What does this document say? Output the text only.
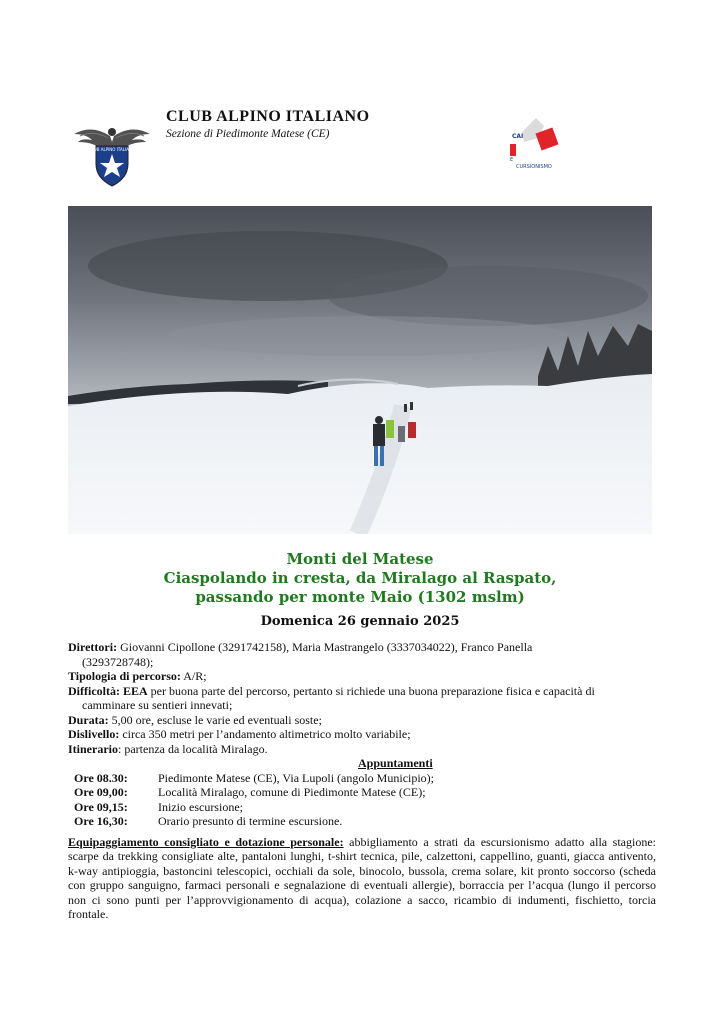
CLUB ALPINO ITALIANO
CLUB ALPINO ITALIANO
Sezione di Piedimonte Matese (CE)	CAI
E
CURSIONISMO
Monti del Matese
Ciaspolando in cresta, da Miralago al Raspato,
passando per monte Maio (1302 mslm)
Domenica 26 gennaio 2025

Direttori: Giovanni Cipollone (3291742158), Maria Mastrangelo (3337034022), Franco Panella

(3293728748);

Tipologia di percorso: A/R;

Difficoltà: EEA per buona parte del percorso, pertanto si richiede una buona preparazione fisica e capacità di

camminare su sentieri innevati;

Durata: 5,00 ore, escluse le varie ed eventuali soste;

Dislivello: circa 350 metri per l’andamento altimetrico molto variabile;

Itinerario: partenza da località Miralago.

Appuntamenti

Ore 08.30:	Piedimonte Matese (CE), Via Lupoli (angolo Municipio);
Ore 09,00:	Località Miralago, comune di Piedimonte Matese (CE);
Ore 09,15:	Inizio escursione;
Ore 16,30:	Orario presunto di termine escursione.

Equipaggiamento consigliato e dotazione personale: abbigliamento a strati da escursionismo adatto alla stagione: scarpe da trekking consigliate alte, pantaloni lunghi, t-shirt tecnica, pile, calzettoni, cappellino, guanti, giacca antivento, k-way antipioggia, bastoncini telescopici, occhiali da sole, binocolo, bussola, crema solare, kit pronto soccorso (scheda con gruppo sanguigno, farmaci personali e segnalazione di eventuali allergie), borraccia per l’acqua (lungo il percorso non ci sono punti per l’approvvigionamento di acqua), colazione a sacco, ricambio di indumenti, fischietto, torcia frontale.
